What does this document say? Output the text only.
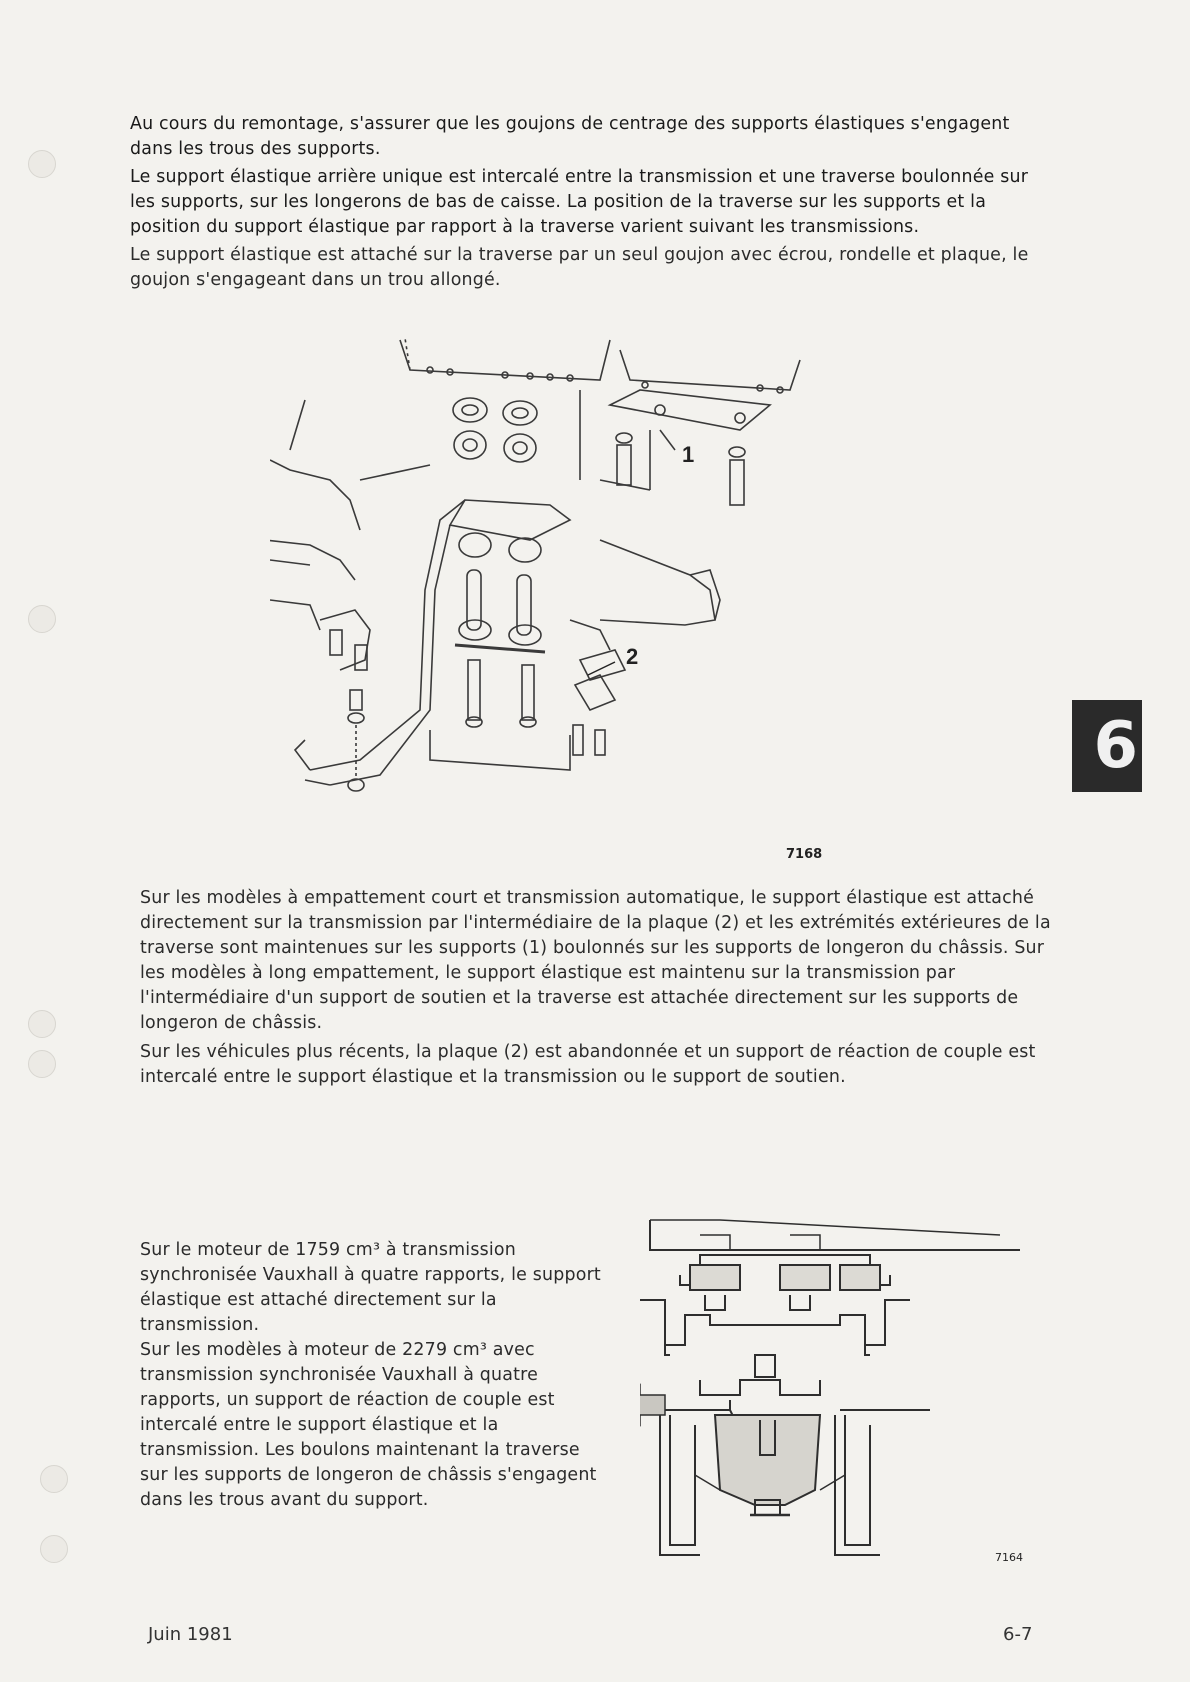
Au cours du remontage, s'assurer que les goujons de centrage des supports élastiques s'engagent dans les trous des supports.

Le support élastique arrière unique est intercalé entre la transmission et une traverse boulonnée sur les supports, sur les longerons de bas de caisse. La position de la traverse sur les supports et la position du support élastique par rapport à la traverse varient suivant les transmissions.

Le support élastique est attaché sur la traverse par un seul goujon avec écrou, rondelle et plaque, le goujon s'engageant dans un trou allongé.

1
2
7168
6

Sur les modèles à empattement court et transmission automatique, le support élastique est attaché directement sur la transmission par l'intermédiaire de la plaque (2) et les extrémités extérieures de la traverse sont maintenues sur les supports (1) boulonnés sur les supports de longeron du châssis. Sur les modèles à long empattement, le support élastique est maintenu sur la transmission par l'intermédiaire d'un support de soutien et la traverse est attachée directement sur les supports de longeron de châssis.

Sur les véhicules plus récents, la plaque (2) est abandonnée et un support de réaction de couple est intercalé entre le support élastique et la transmission ou le support de soutien.

Sur le moteur de 1759 cm³ à transmission synchronisée Vauxhall à quatre rapports, le support élastique est attaché directement sur la transmission.

Sur les modèles à moteur de 2279 cm³ avec transmission synchronisée Vauxhall à quatre rapports, un support de réaction de couple est intercalé entre le support élastique et la transmission. Les boulons maintenant la traverse sur les supports de longeron de châssis s'engagent dans les trous avant du support.

7164
Juin 1981	6-7
